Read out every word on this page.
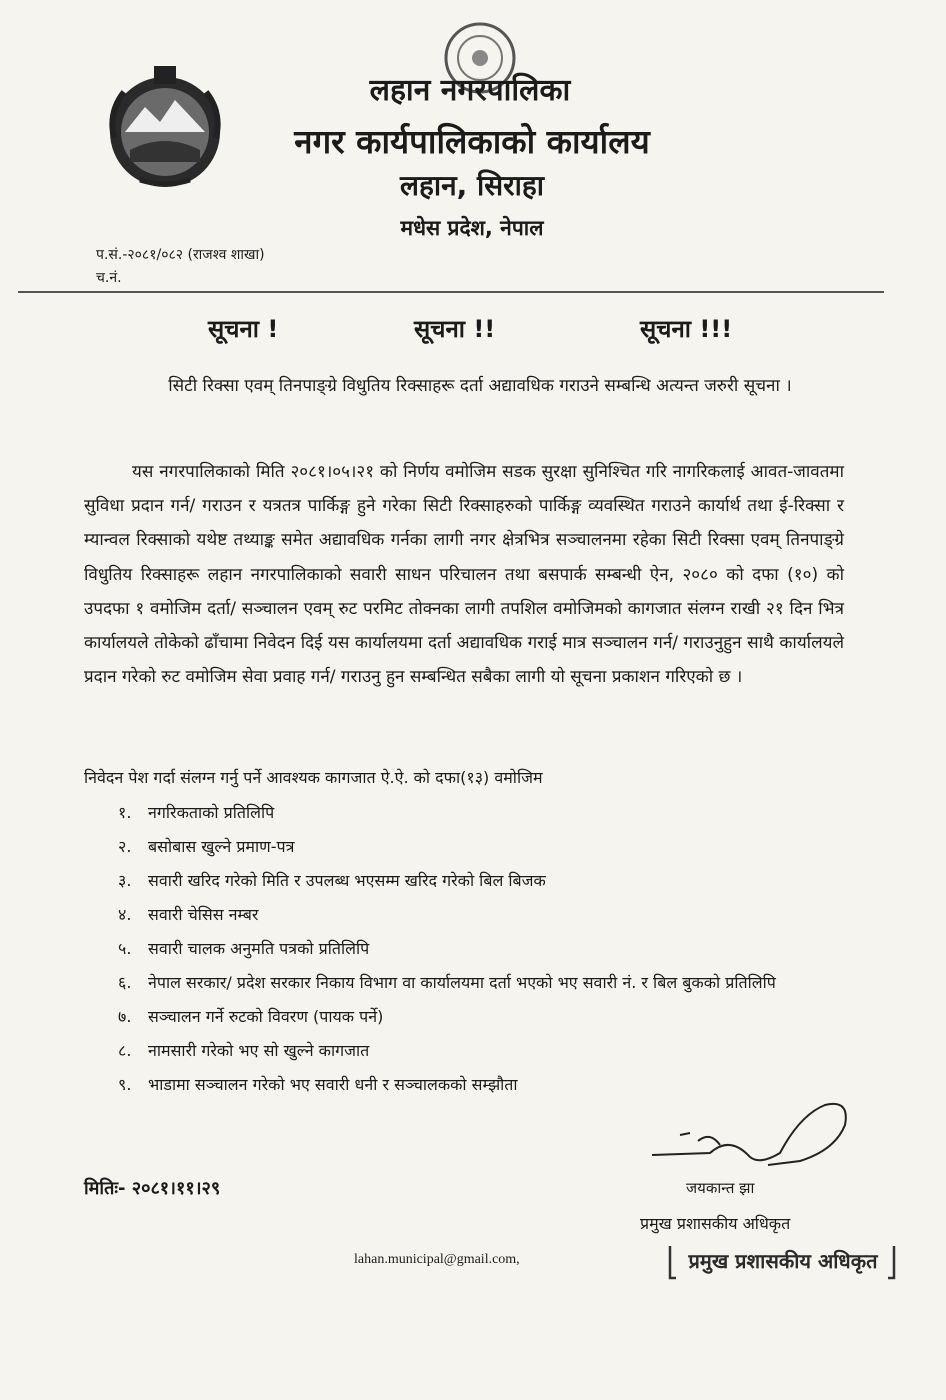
लहान नगरपालिका
नगर कार्यपालिकाको कार्यालय
लहान, सिराहा
मधेस प्रदेश, नेपाल
प.सं.-२०८१/०८२ (राजश्व शाखा)
च.नं.
सूचना !	सूचना !!	सूचना !!!
सिटी रिक्सा एवम् तिनपाङ्ग्रे विधुतिय रिक्साहरू दर्ता अद्यावधिक गराउने सम्बन्धि अत्यन्त जरुरी सूचना ।
यस नगरपालिकाको मिति २०८१।०५।२१ को निर्णय वमोजिम सडक सुरक्षा सुनिश्चित गरि नागरिकलाई आवत-जावतमा सुविधा प्रदान गर्न/ गराउन र यत्रतत्र पार्किङ्ग हुने गरेका सिटी रिक्साहरुको पार्किङ्ग व्यवस्थित गराउने कार्यार्थ तथा ई-रिक्सा र म्यान्वल रिक्साको यथेष्ट तथ्याङ्क समेत अद्यावधिक गर्नका लागी नगर क्षेत्रभित्र सञ्चालनमा रहेका सिटी रिक्सा एवम् तिनपाङ्ग्रे विधुतिय रिक्साहरू लहान नगरपालिकाको सवारी साधन परिचालन तथा बसपार्क सम्बन्धी ऐन, २०८० को दफा (१०) को उपदफा १ वमोजिम दर्ता/ सञ्चालन एवम् रुट परमिट तोक्नका लागी तपशिल वमोजिमको कागजात संलग्न राखी २१ दिन भित्र कार्यालयले तोकेको ढाँचामा निवेदन दिई यस कार्यालयमा दर्ता अद्यावधिक गराई मात्र सञ्चालन गर्न/ गराउनुहुन साथै कार्यालयले प्रदान गरेको रुट वमोजिम सेवा प्रवाह गर्न/ गराउनु हुन सम्बन्धित सबैका लागी यो सूचना प्रकाशन गरिएको छ ।
निवेदन पेश गर्दा संलग्न गर्नु पर्ने आवश्यक कागजात ऐ.ऐ. को दफा(१३) वमोजिम
१.	नगरिकताको प्रतिलिपि
२.	बसोबास खुल्ने प्रमाण-पत्र
३.	सवारी खरिद गरेको मिति र उपलब्ध भएसम्म खरिद गरेको बिल बिजक
४.	सवारी चेसिस नम्बर
५.	सवारी चालक अनुमति पत्रको प्रतिलिपि
६.	नेपाल सरकार/ प्रदेश सरकार निकाय विभाग वा कार्यालयमा दर्ता भएको भए सवारी नं. र बिल बुकको प्रतिलिपि
७.	सञ्चालन गर्ने रुटको विवरण (पायक पर्ने)
८.	नामसारी गरेको भए सो खुल्ने कागजात
९.	भाडामा सञ्चालन गरेको भए सवारी धनी र सञ्चालकको सम्झौता
मितिः- २०८१।११।२९	जयकान्त झा
प्रमुख प्रशासकीय अधिकृत
lahan.municipal@gmail.com,	प्रमुख प्रशासकीय अधिकृत
